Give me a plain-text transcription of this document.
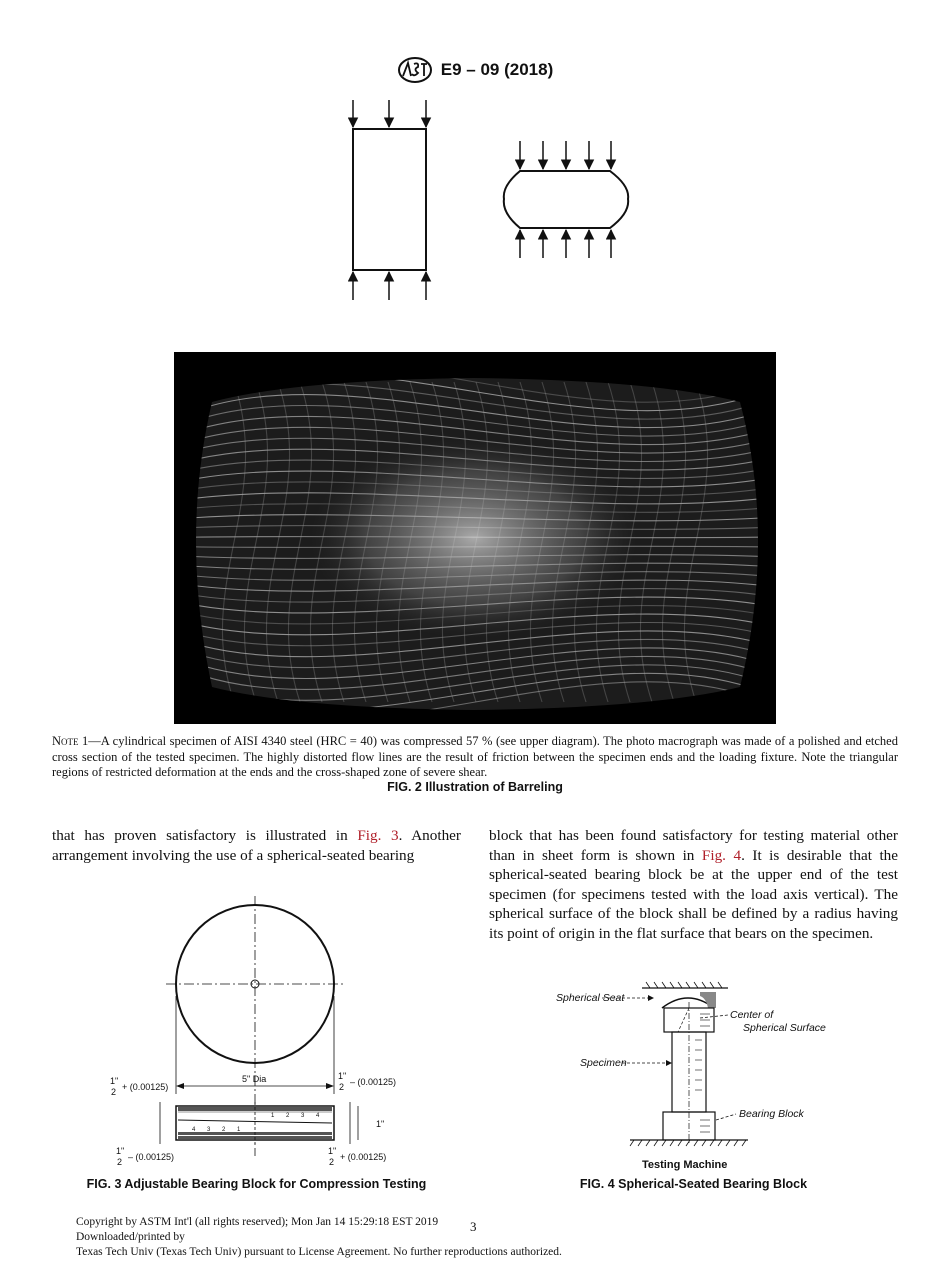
E9 – 09 (2018)
Note 1—A cylindrical specimen of AISI 4340 steel (HRC = 40) was compressed 57 % (see upper diagram). The photo macrograph was made of a polished and etched cross section of the tested specimen. The highly distorted flow lines are the result of friction between the specimen ends and the loading fixture. Note the triangular regions of restricted deformation at the ends and the cross-shaped zone of severe shear.
FIG. 2 Illustration of Barreling

that has proven satisfactory is illustrated in Fig. 3. Another arrangement involving the use of a spherical-seated bearing

block that has been found satisfactory for testing material other than in sheet form is shown in Fig. 4. It is desirable that the spherical-seated bearing block be at the upper end of the test specimen (for specimens tested with the load axis vertical). The spherical surface of the block shall be defined by a radius having its point of origin in the flat surface that bears on the specimen.

5" Dia
1"
2 + (0.00125)
1"
2 – (0.00125)
1"
1"
2 – (0.00125)
1"
2 + (0.00125)
1 2 3 4
4 3 2 1
FIG. 3 Adjustable Bearing Block for Compression Testing
Spherical Seat
Center of
Spherical Surface
Specimen
Bearing Block
Testing Machine
FIG. 4 Spherical-Seated Bearing Block
Copyright by ASTM Int'l (all rights reserved); Mon Jan 14 15:29:18 EST 2019
Downloaded/printed by
Texas Tech Univ (Texas Tech Univ) pursuant to License Agreement. No further reproductions authorized.
3
